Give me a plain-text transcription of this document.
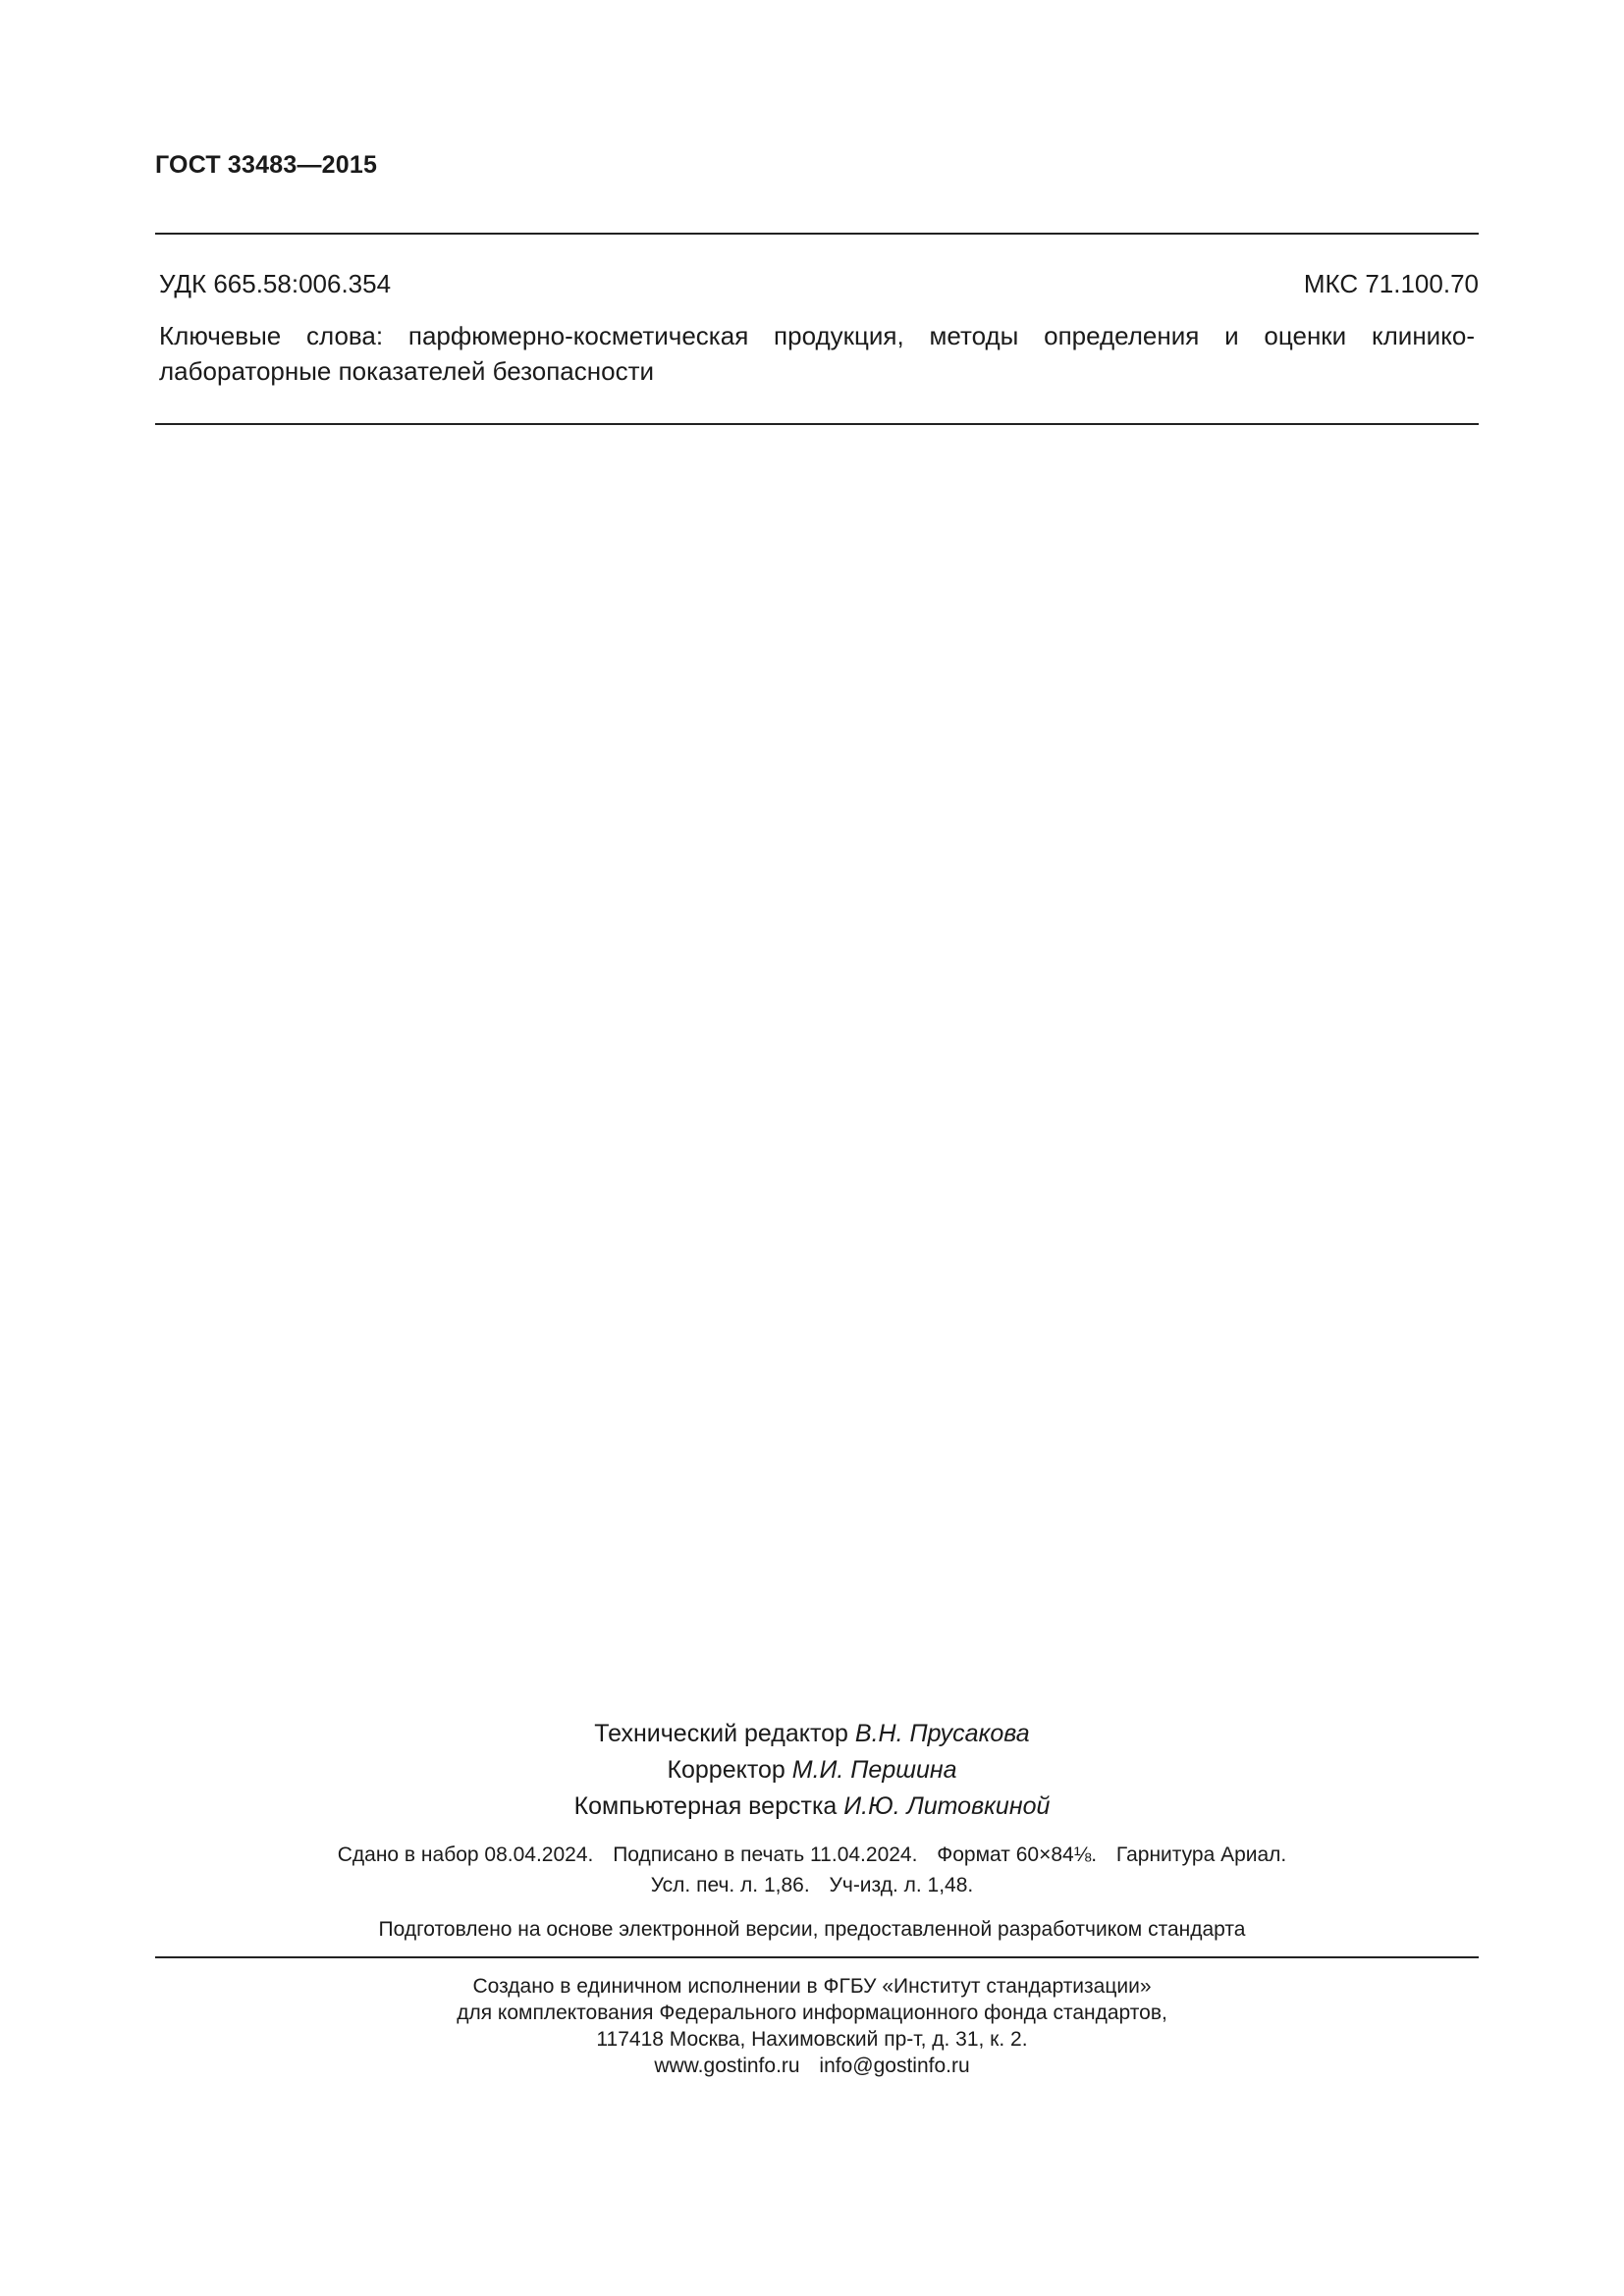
ГОСТ 33483—2015
УДК 665.58:006.354	МКС 71.100.70
Ключевые слова: парфюмерно-косметическая продукция, методы определения и оценки клинико-
лабораторные показателей безопасности
Технический редактор В.Н. Прусакова
Корректор М.И. Першина
Компьютерная верстка И.Ю. Литовкиной
Сдано в набор 08.04.2024. Подписано в печать 11.04.2024. Формат 60×84⅛. Гарнитура Ариал.
Усл. печ. л. 1,86. Уч-изд. л. 1,48.
Подготовлено на основе электронной версии, предоставленной разработчиком стандарта
Создано в единичном исполнении в ФГБУ «Институт стандартизации»
для комплектования Федерального информационного фонда стандартов,
117418 Москва, Нахимовский пр-т, д. 31, к. 2.
www.gostinfo.ru info@gostinfo.ru
